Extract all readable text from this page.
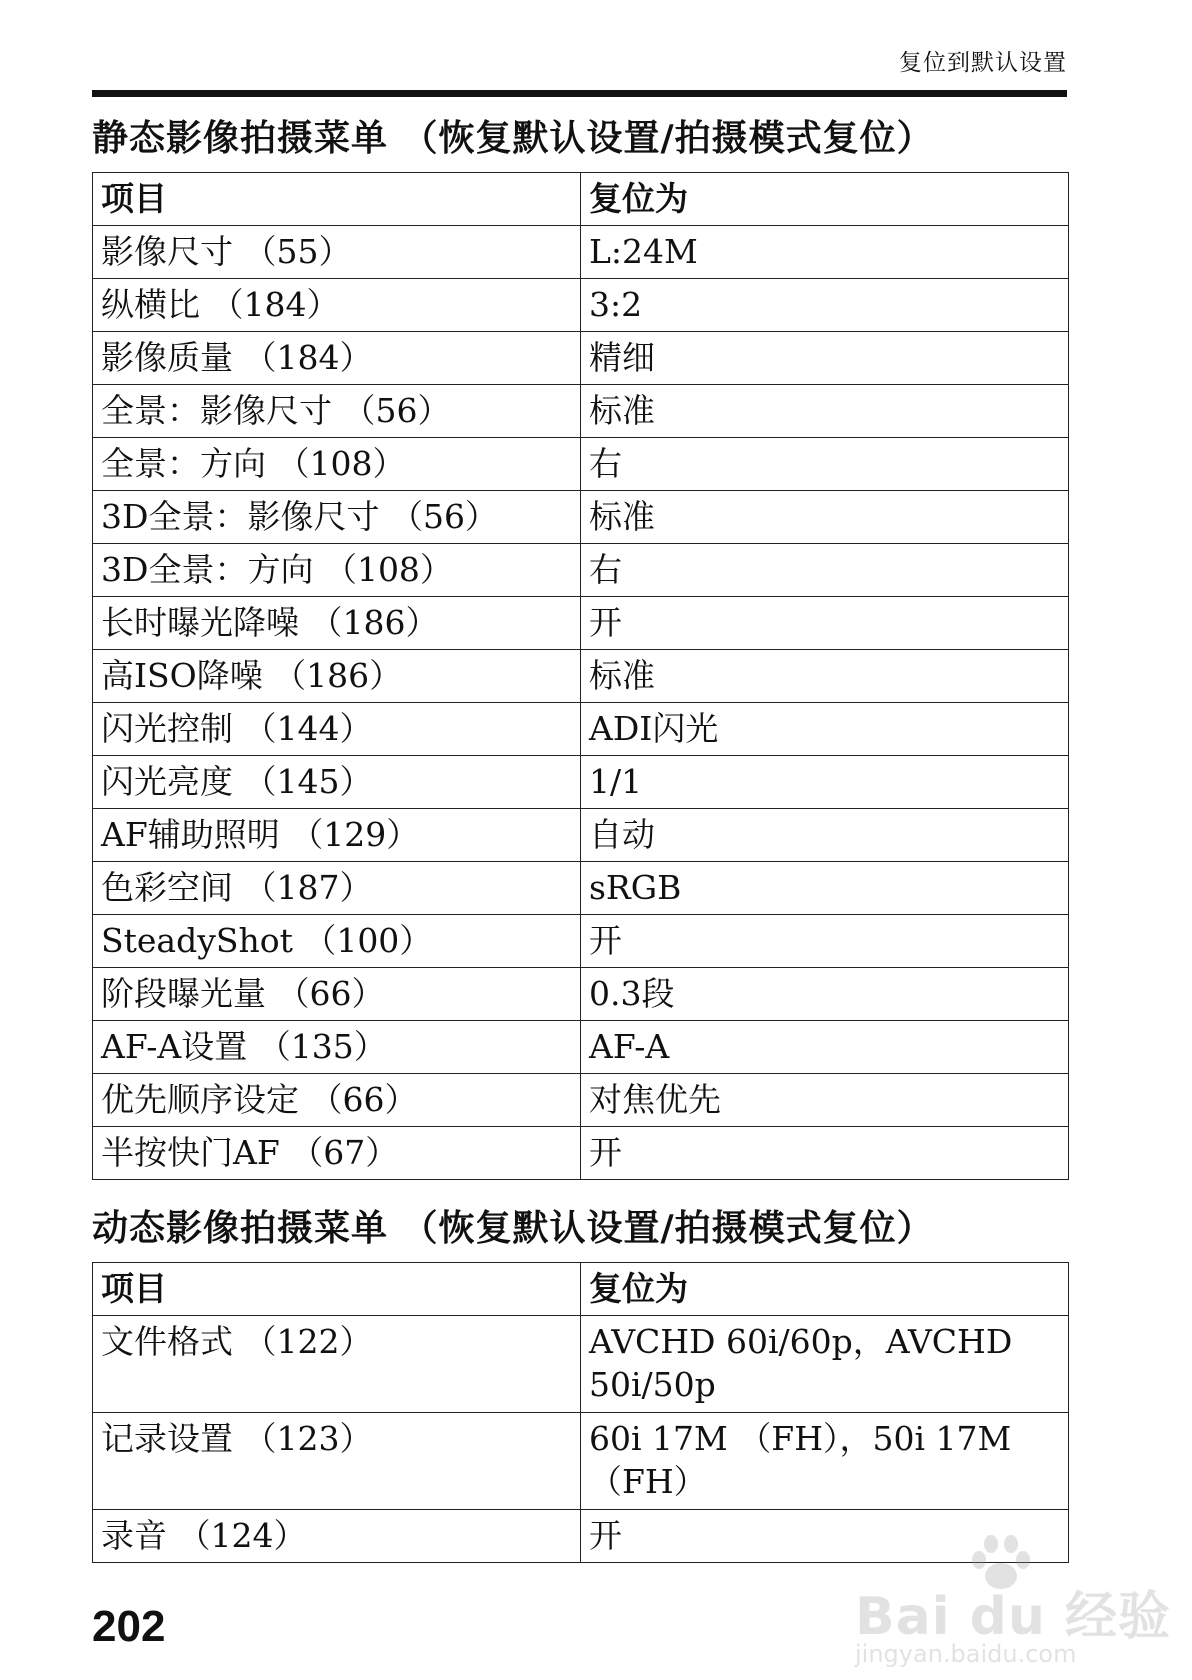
复位到默认设置
静态影像拍摄菜单 （恢复默认设置/拍摄模式复位）
项目	复位为
影像尺寸 （55）	L:24M
纵横比 （184）	3:2
影像质量 （184）	精细
全景：影像尺寸 （56）	标准
全景：方向 （108）	右
3D全景：影像尺寸 （56）	标准
3D全景：方向 （108）	右
长时曝光降噪 （186）	开
高ISO降噪 （186）	标准
闪光控制 （144）	ADI闪光
闪光亮度 （145）	1/1
AF辅助照明 （129）	自动
色彩空间 （187）	sRGB
SteadyShot （100）	开
阶段曝光量 （66）	0.3段
AF-A设置 （135）	AF-A
优先顺序设定 （66）	对焦优先
半按快门AF （67）	开
动态影像拍摄菜单 （恢复默认设置/拍摄模式复位）
项目	复位为
文件格式 （122）	AVCHD 60i/60p，AVCHD 50i/50p
记录设置 （123）	60i 17M （FH），50i 17M （FH）
录音 （124）	开
202	Bai du 经验
jingyan.baidu.com
